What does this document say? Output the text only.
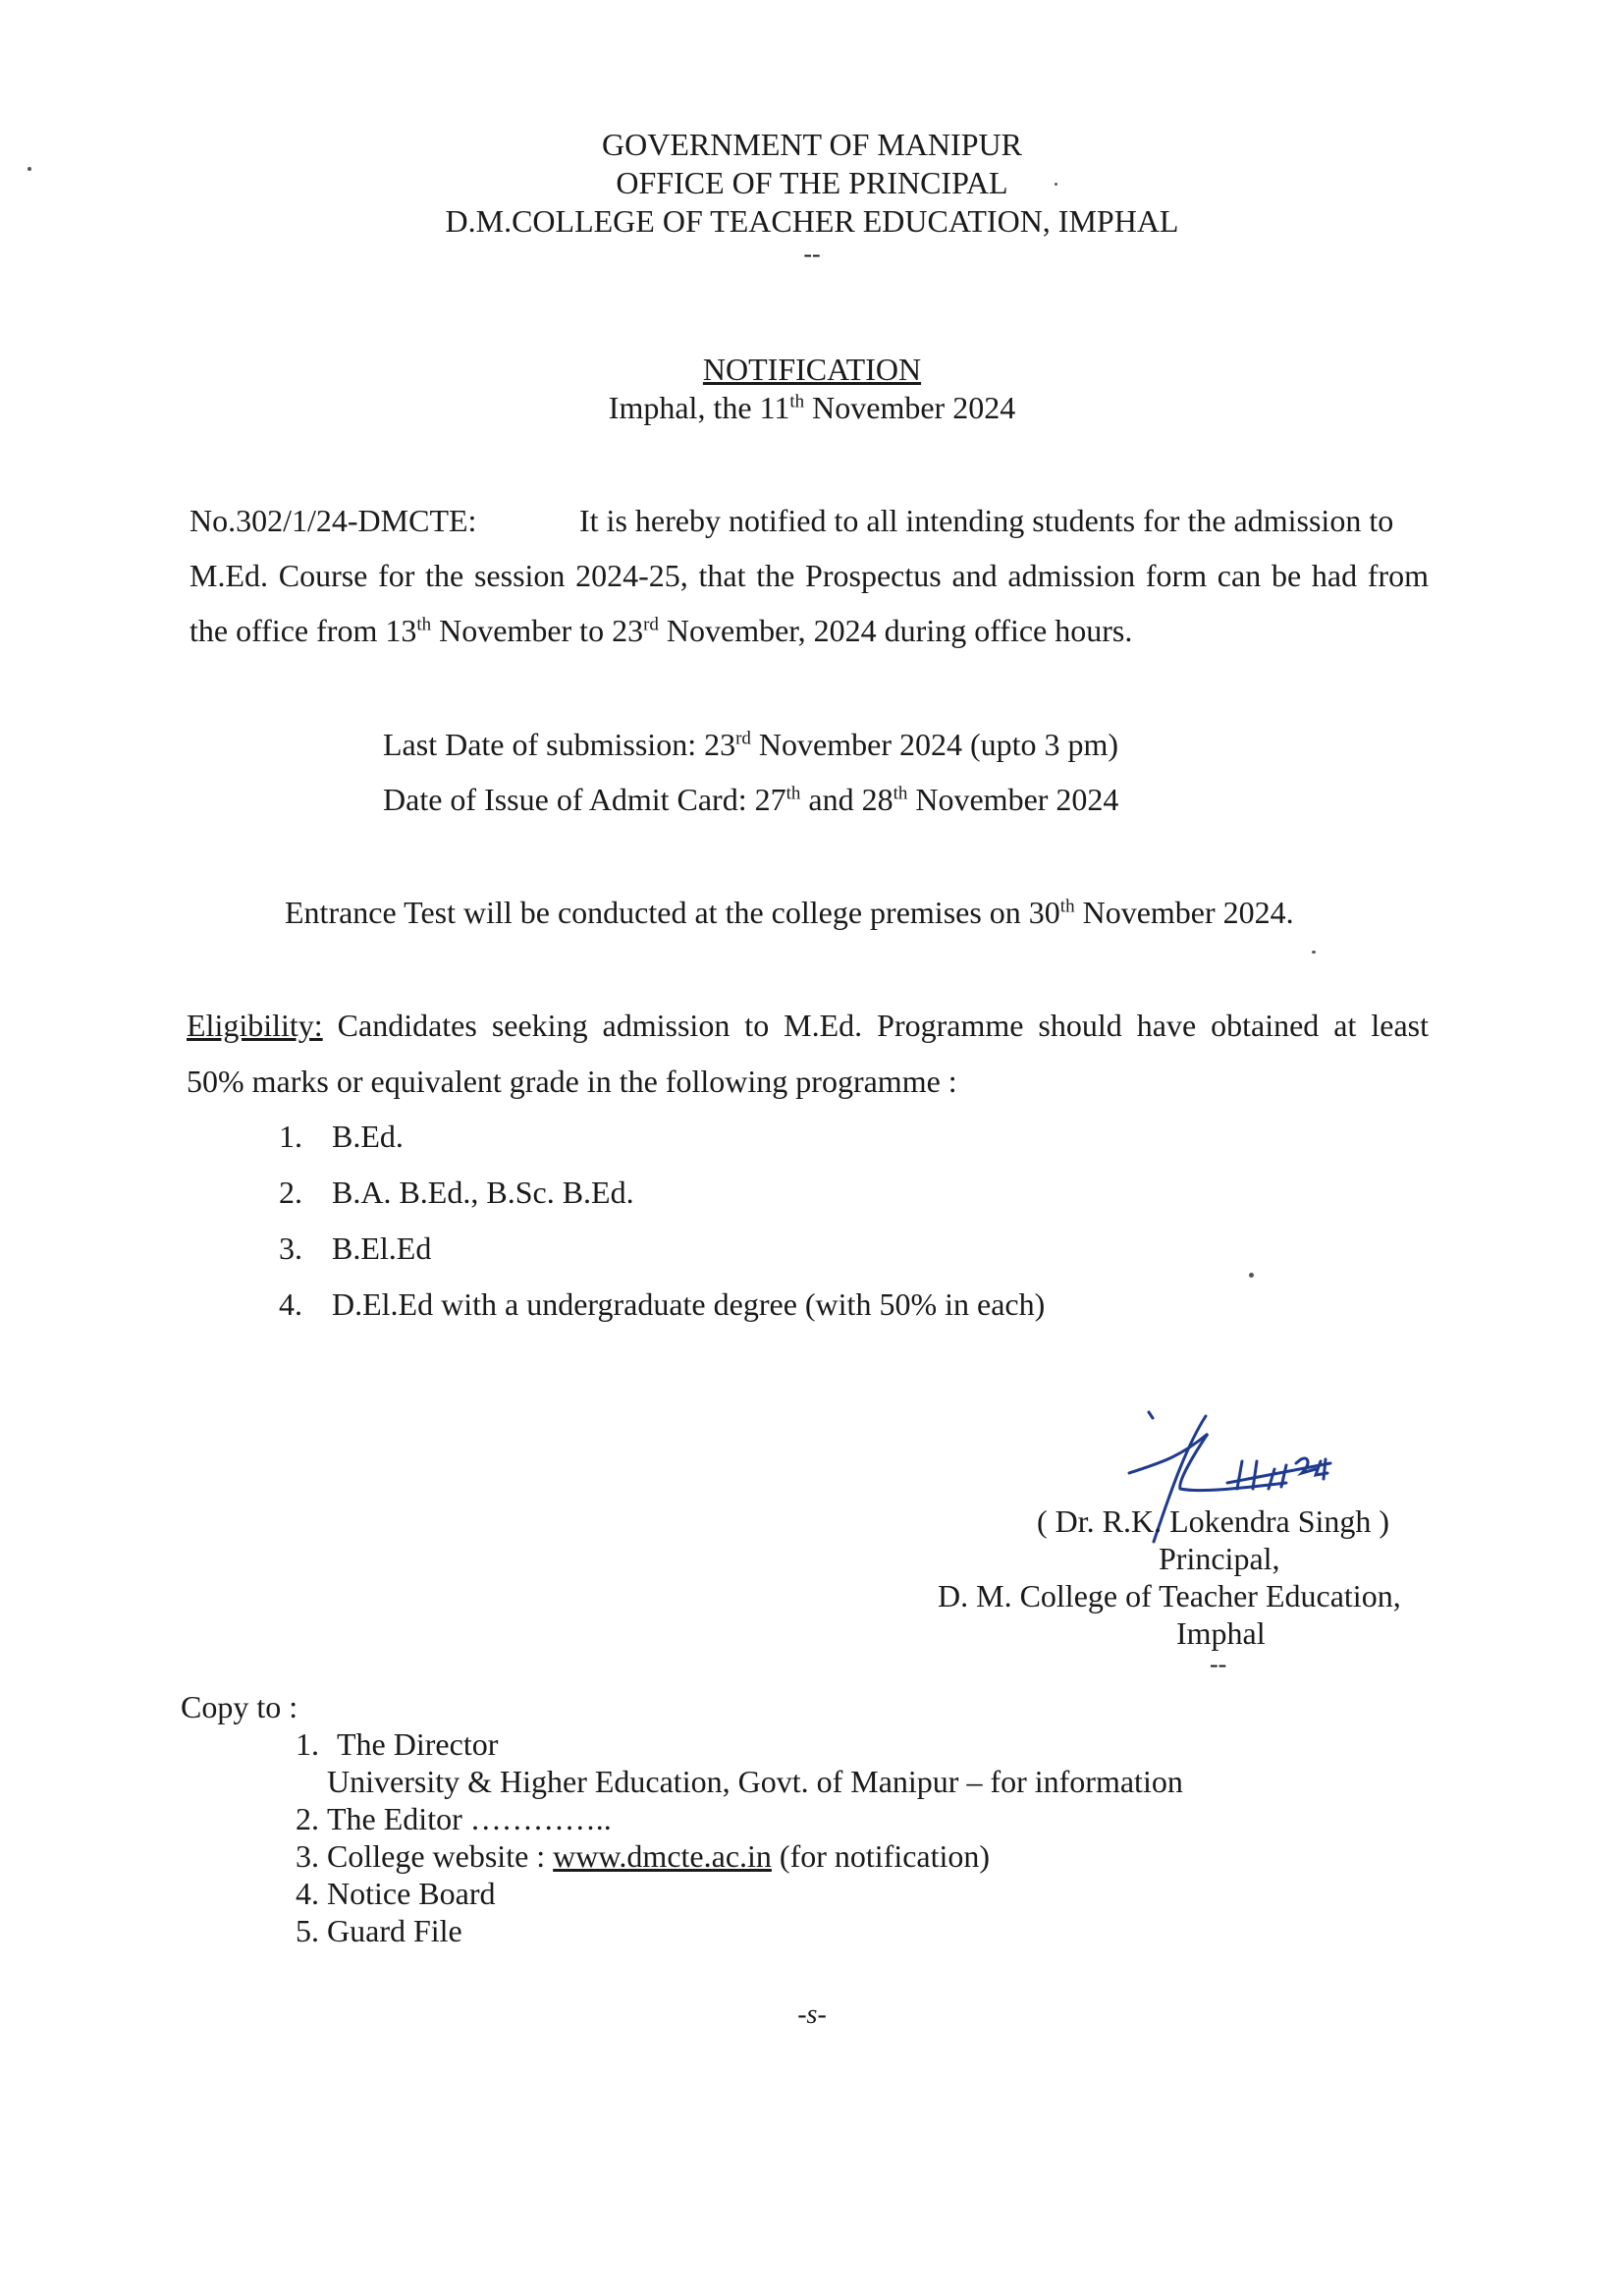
GOVERNMENT OF MANIPUR
OFFICE OF THE PRINCIPAL
D.M.COLLEGE OF TEACHER EDUCATION, IMPHAL
--
NOTIFICATION
Imphal, the 11th November 2024
No.302/1/24-DMCTE:	It is hereby notified to all intending students for the admission to
M.Ed. Course for the session 2024-25, that the Prospectus and admission form can be had from
the office from 13th November to 23rd November, 2024 during office hours.
Last Date of submission: 23rd November 2024 (upto 3 pm)
Date of Issue of Admit Card: 27th and 28th November 2024
Entrance Test will be conducted at the college premises on 30th November 2024.
Eligibility: Candidates seeking admission to M.Ed. Programme should have obtained at least
50% marks or equivalent grade in the following programme :
1. B.Ed.
2. B.A. B.Ed., B.Sc. B.Ed.
3. B.El.Ed
4. D.El.Ed with a undergraduate degree (with 50% in each)
( Dr. R.K. Lokendra Singh )
Principal,
D. M. College of Teacher Education,
Imphal
--
Copy to :
1. The Director
University & Higher Education, Govt. of Manipur – for information
2. The Editor …………..
3. College website : www.dmcte.ac.in (for notification)
4. Notice Board
5. Guard File
-s-
